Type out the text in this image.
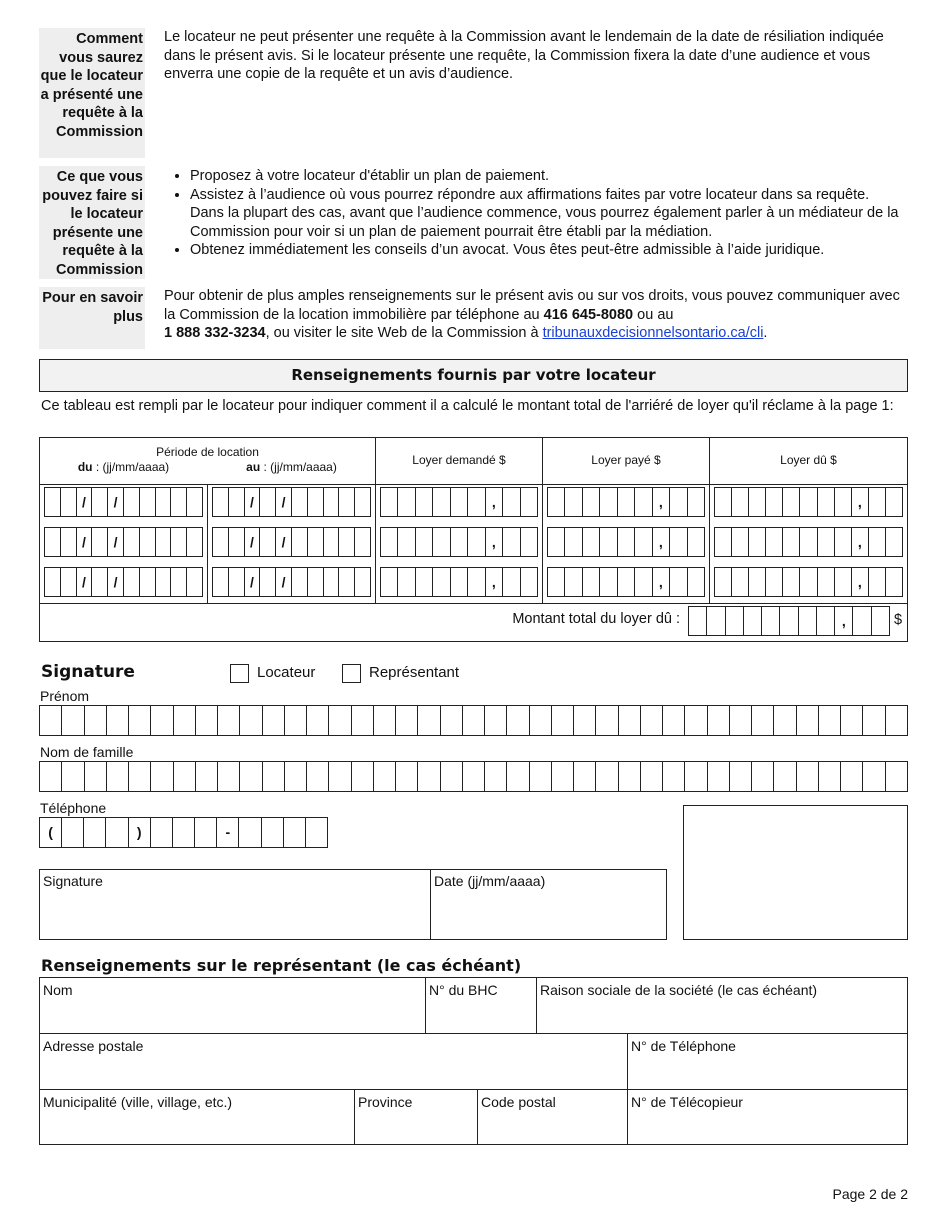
Comment vous saurez que le locateur a présenté une requête à la Commission
Le locateur ne peut présenter une requête à la Commission avant le lendemain de la date de résiliation indiquée dans le présent avis. Si le locateur présente une requête, la Commission fixera la date d’une audience et vous enverra une copie de la requête et un avis d’audience.
Ce que vous pouvez faire si le locateur présente une requête à la Commission
• Proposez à votre locateur d'établir un plan de paiement.
• Assistez à l’audience où vous pourrez répondre aux affirmations faites par votre locateur dans sa requête. Dans la plupart des cas, avant que l’audience commence, vous pourrez également parler à un médiateur de la Commission pour voir si un plan de paiement pourrait être établi par la médiation.
• Obtenez immédiatement les conseils d’un avocat. Vous êtes peut-être admissible à l’aide juridique.
Pour en savoir plus
Pour obtenir de plus amples renseignements sur le présent avis ou sur vos droits, vous pouvez communiquer avec la Commission de la location immobilière par téléphone au 416 645-8080 ou au
1 888 332-3234, ou visiter le site Web de la Commission à tribunauxdecisionnelsontario.ca/cli.
Renseignements fournis par votre locateur
Ce tableau est rempli par le locateur pour indiquer comment il a calculé le montant total de l'arriéré de loyer qu'il réclame à la page 1:
Période de location
du : (jj/mm/aaaa)	au : (jj/mm/aaaa)	Loyer demandé $	Loyer payé $	Loyer dû $
/	/	/	/	,	,	,
/	/	/	/	,	,	,
/	/	/	/	,	,	,
Montant total du loyer dû :	,	$
Signature	Locateur	Représentant
Prénom
Nom de famille
Téléphone
(	)	-
Signature	Date (jj/mm/aaaa)
Renseignements sur le représentant (le cas échéant)
Nom	N° du BHC	Raison sociale de la société (le cas échéant)
Adresse postale	N° de Téléphone
Municipalité (ville, village, etc.)	Province	Code postal	N° de Télécopieur
Page 2 de 2
